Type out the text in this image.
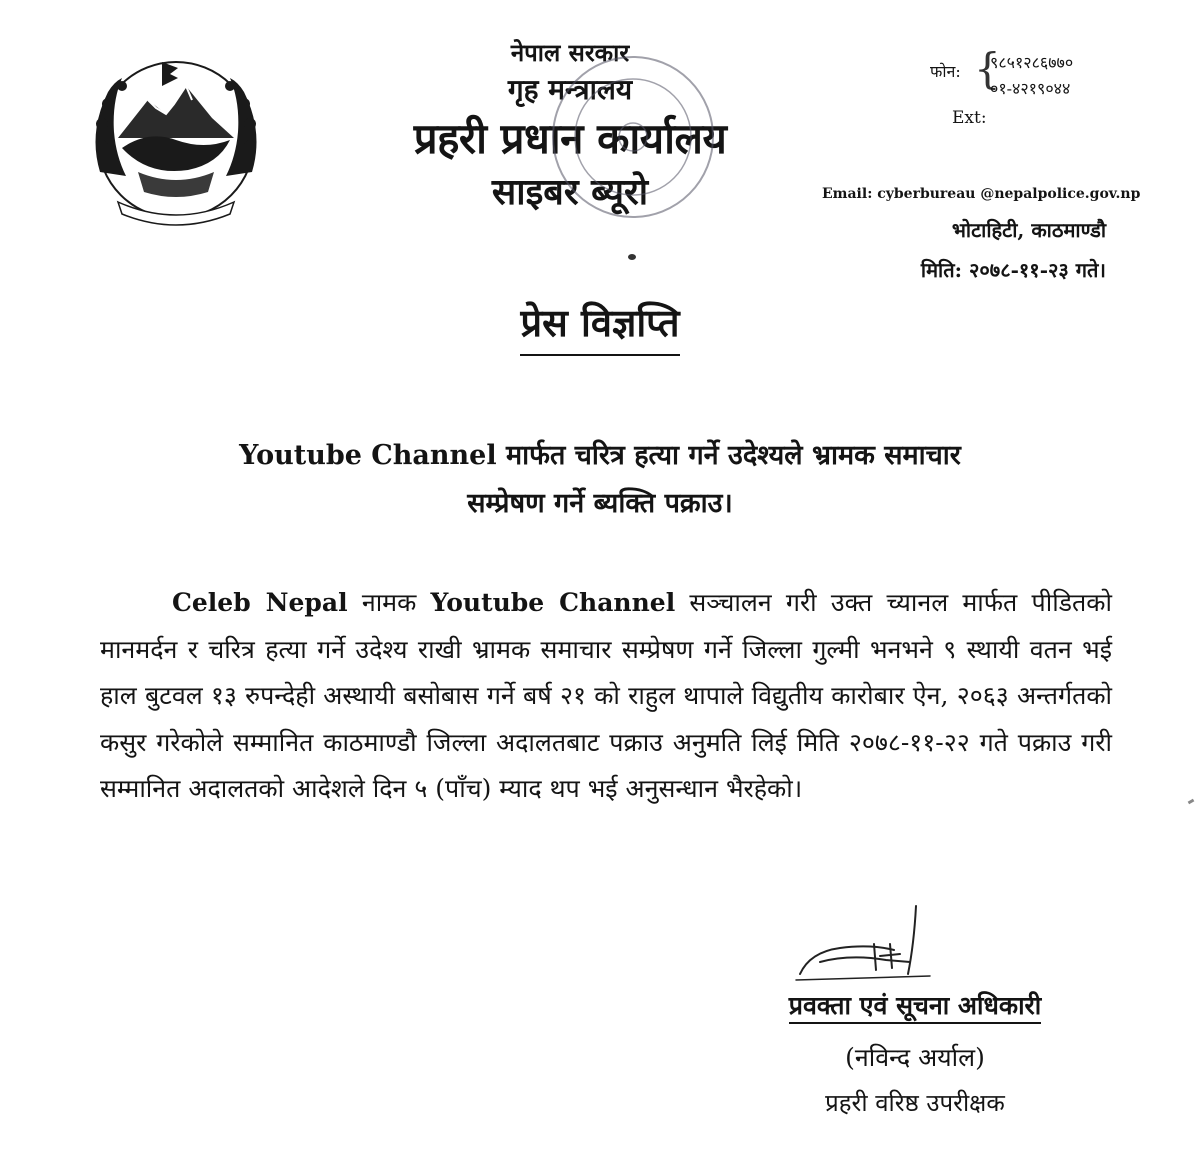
नेपाल सरकार
गृह मन्त्रालय
प्रहरी प्रधान कार्यालय
साइबर ब्यूरो
फोन: {
९८५१२८६७७०
०१-४२१९०४४
Ext:
Email: cyberbureau @nepalpolice.gov.np
भोटाहिटी, काठमाण्डौ
मिति: २०७८-११-२३ गते।
प्रेस विज्ञप्ति
Youtube Channel मार्फत चरित्र हत्या गर्ने उदेश्यले भ्रामक समाचार
सम्प्रेषण गर्ने ब्यक्ति पक्राउ।
Celeb Nepal नामक Youtube Channel सञ्चालन गरी उक्त च्यानल मार्फत पीडितको मानमर्दन र चरित्र हत्या गर्ने उदेश्य राखी भ्रामक समाचार सम्प्रेषण गर्ने जिल्ला गुल्मी भनभने ९ स्थायी वतन भई हाल बुटवल १३ रुपन्देही अस्थायी बसोबास गर्ने बर्ष २१ को राहुल थापाले विद्युतीय कारोबार ऐन, २०६३ अन्तर्गतको कसुर गरेकोले सम्मानित काठमाण्डौ जिल्ला अदालतबाट पक्राउ अनुमति लिई मिति २०७८-११-२२ गते पक्राउ गरी सम्मानित अदालतको आदेशले दिन ५ (पाँच) म्याद थप भई अनुसन्धान भैरहेको।
प्रवक्ता एवं सूचना अधिकारी
(नविन्द अर्याल)
प्रहरी वरिष्ठ उपरीक्षक
